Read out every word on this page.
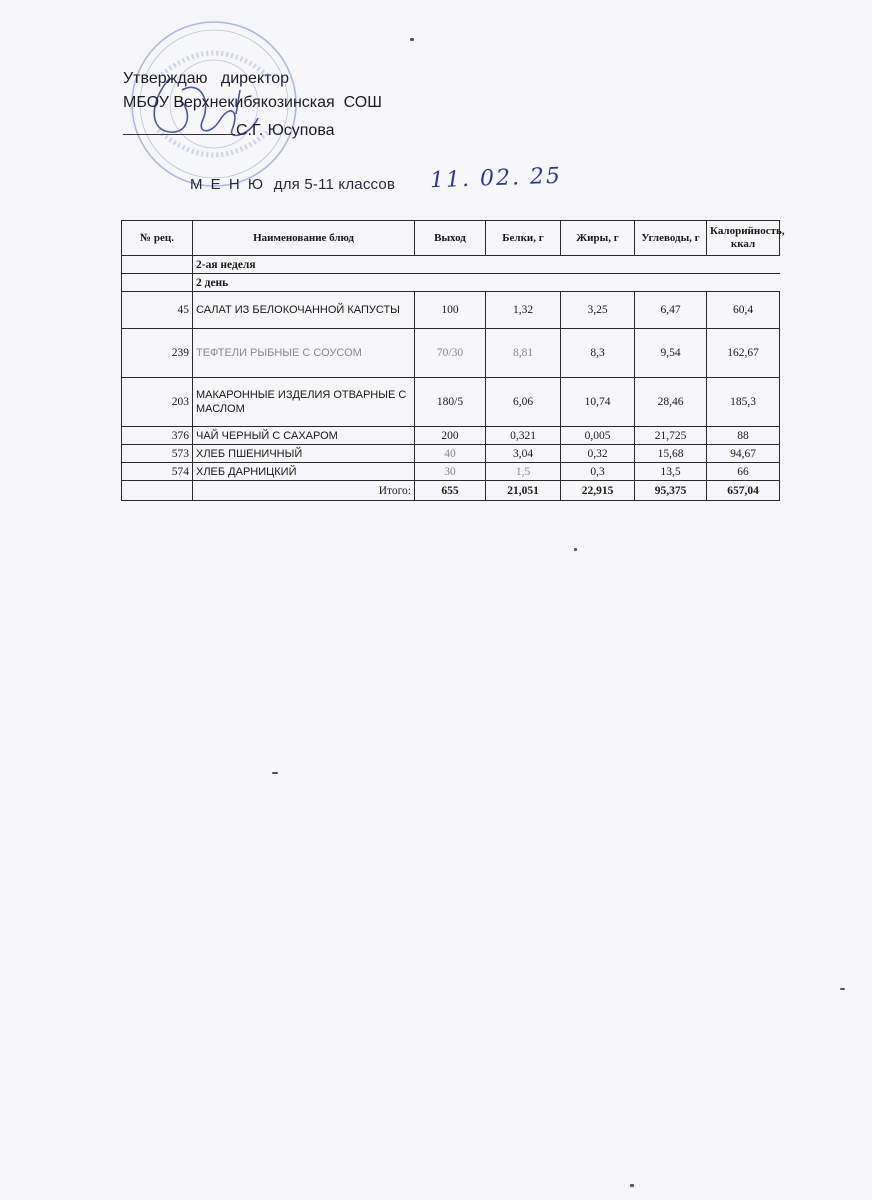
Утверждаю   директор
МБОУ Верхнекибякозинская  СОШ
С.Г. Юсупова
М Е Н Ю для 5-11 классов 11. 02. 25
№ рец.	Наименование блюд	Выход	Белки, г	Жиры, г	Углеводы, г	Калорийность, ккал
	2-ая неделя					
	2 день					
45	САЛАТ ИЗ БЕЛОКОЧАННОЙ КАПУСТЫ	100	1,32	3,25	6,47	60,4
239	ТЕФТЕЛИ РЫБНЫЕ С СОУСОМ	70/30	8,81	8,3	9,54	162,67
203	МАКАРОННЫЕ ИЗДЕЛИЯ ОТВАРНЫЕ С МАСЛОМ	180/5	6,06	10,74	28,46	185,3
376	ЧАЙ ЧЕРНЫЙ С САХАРОМ	200	0,321	0,005	21,725	88
573	ХЛЕБ ПШЕНИЧНЫЙ	40	3,04	0,32	15,68	94,67
574	ХЛЕБ ДАРНИЦКИЙ	30	1,5	0,3	13,5	66
	Итого:	655	21,051	22,915	95,375	657,04
